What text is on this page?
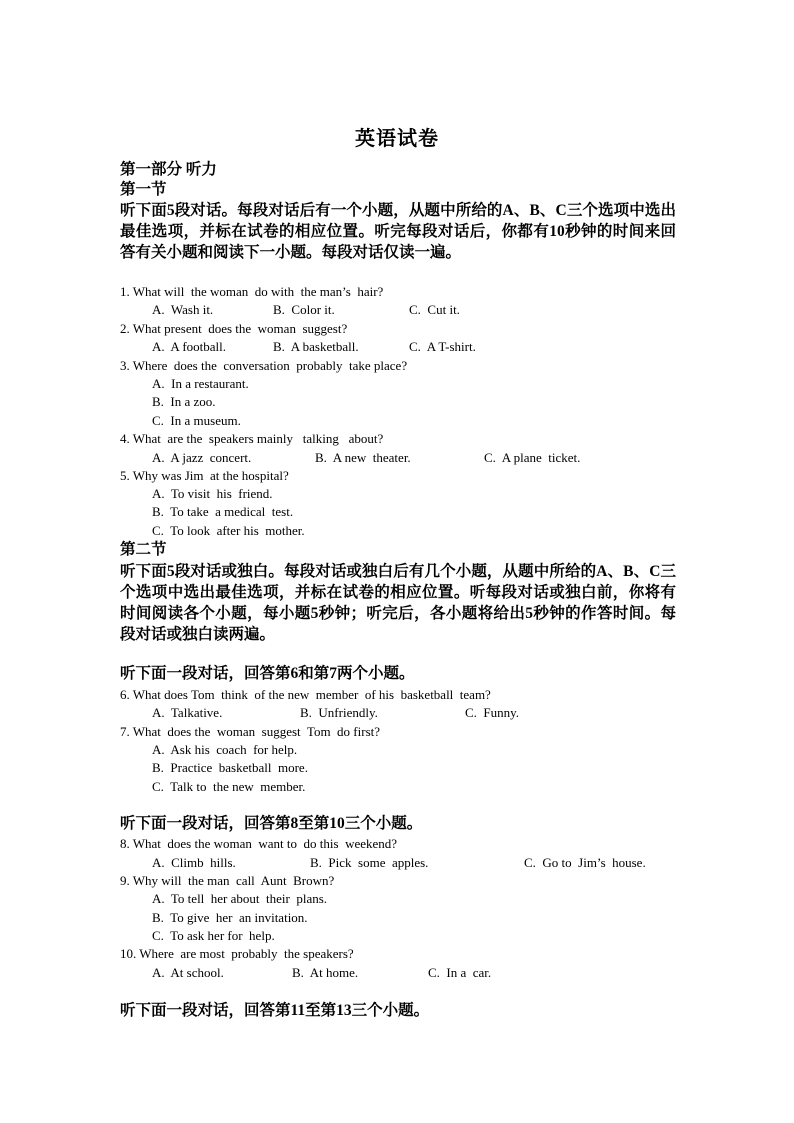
英语试卷
第一部分 听力
第一节
听下面5段对话。每段对话后有一个小题，从题中所给的A、B、C三个选项中选出最佳选项，并标在试卷的相应位置。听完每段对话后，你都有10秒钟的时间来回答有关小题和阅读下一小题。每段对话仅读一遍。
1. What will  the woman  do with  the man’s  hair?
A.  Wash it.	B.  Color it.	C.  Cut it.
2. What present  does the  woman  suggest?
A.  A football.	B.  A basketball.	C.  A T-shirt.
3. Where  does the  conversation  probably  take place?
A.  In a restaurant.
B.  In a zoo.
C.  In a museum.
4. What  are the  speakers mainly   talking   about?
A.  A jazz  concert.	B.  A new  theater.	C.  A plane  ticket.
5. Why was Jim  at the hospital?
A.  To visit  his  friend.
B.  To take  a medical  test.
C.  To look  after his  mother.
第二节
听下面5段对话或独白。每段对话或独白后有几个小题，从题中所给的A、B、C三个选项中选出最佳选项，并标在试卷的相应位置。听每段对话或独白前，你将有时间阅读各个小题，每小题5秒钟；听完后，各小题将给出5秒钟的作答时间。每段对话或独白读两遍。
听下面一段对话，回答第6和第7两个小题。
6. What does Tom  think  of the new  member  of his  basketball  team?
A.  Talkative.	B.  Unfriendly.	C.  Funny.
7. What  does the  woman  suggest  Tom  do first?
A.  Ask his  coach  for help.
B.  Practice  basketball  more.
C.  Talk to  the new  member.
听下面一段对话，回答第8至第10三个小题。
8. What  does the woman  want to  do this  weekend?
A.  Climb  hills.	B.  Pick  some  apples.	C.  Go to  Jim’s  house.
9. Why will  the man  call  Aunt  Brown?
A.  To tell  her about  their  plans.
B.  To give  her  an invitation.
C.  To ask her for  help.
10. Where  are most  probably  the speakers?
A.  At school.	B.  At home.	C.  In a  car.
听下面一段对话，回答第11至第13三个小题。
